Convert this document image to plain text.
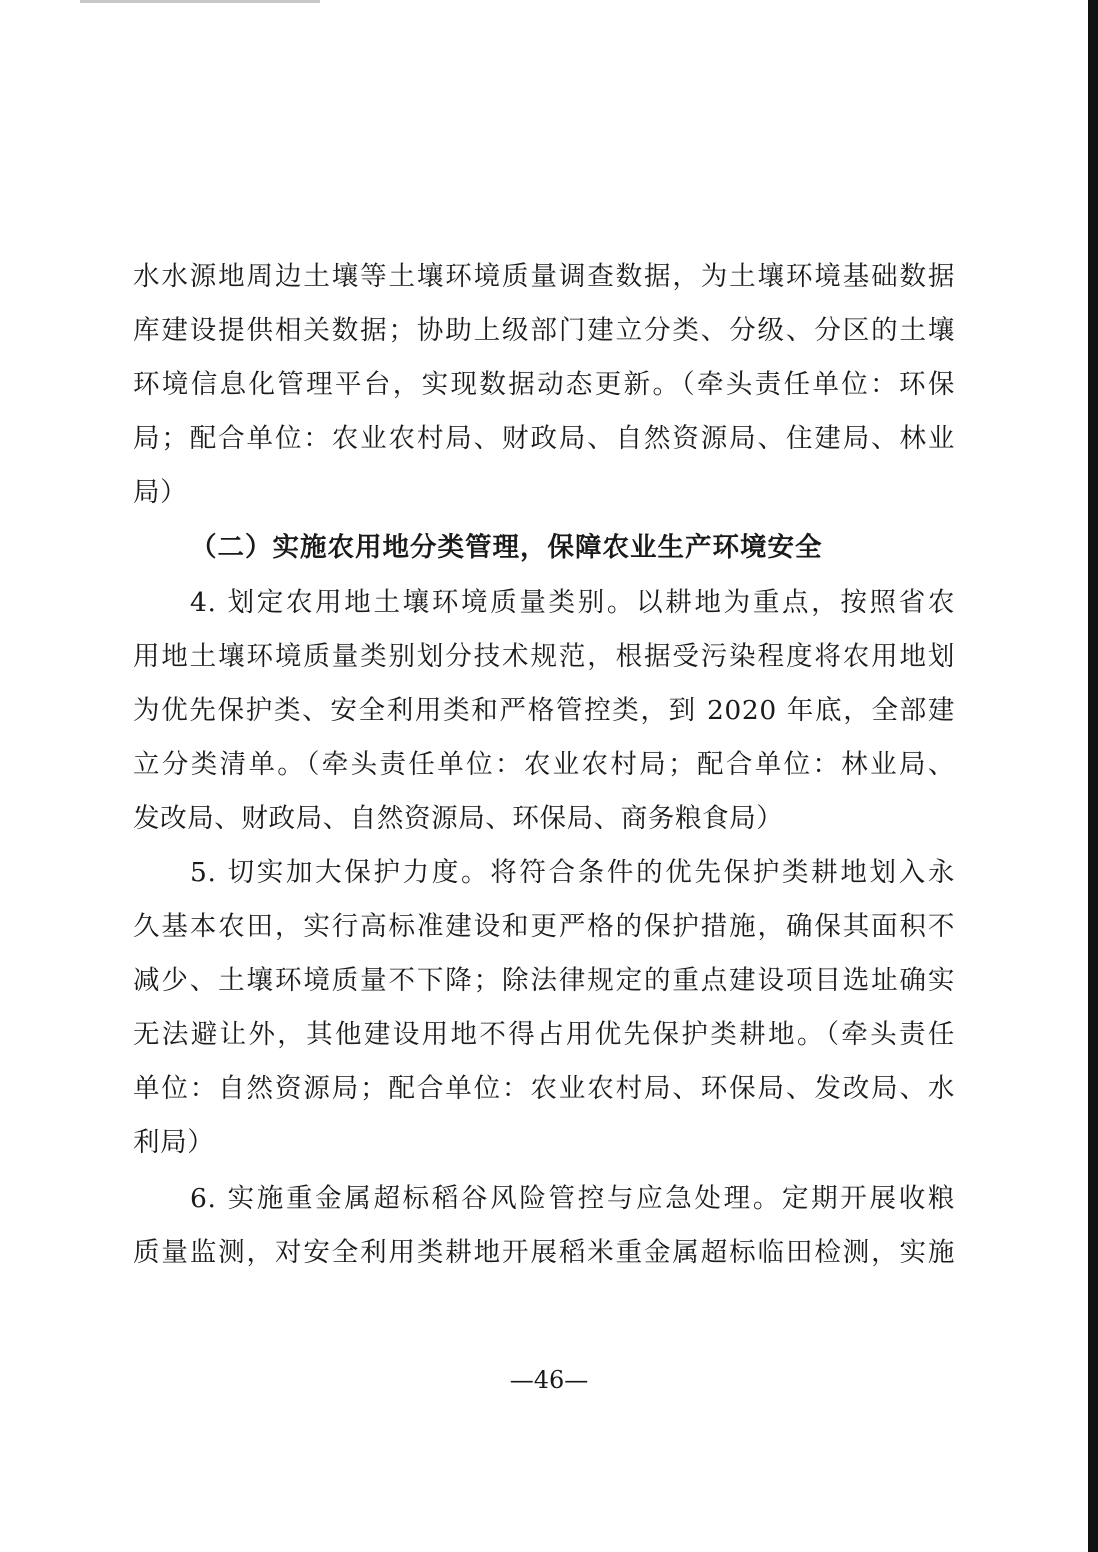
水水源地周边土壤等土壤环境质量调查数据，为土壤环境基础数据
库建设提供相关数据；协助上级部门建立分类、分级、分区的土壤
环境信息化管理平台，实现数据动态更新。（牵头责任单位：环保
局；配合单位：农业农村局、财政局、自然资源局、住建局、林业
局）
（二）实施农用地分类管理，保障农业生产环境安全
4. 划定农用地土壤环境质量类别。以耕地为重点，按照省农
用地土壤环境质量类别划分技术规范，根据受污染程度将农用地划
为优先保护类、安全利用类和严格管控类，到 2020 年底，全部建
立分类清单。（牵头责任单位：农业农村局；配合单位：林业局、
发改局、财政局、自然资源局、环保局、商务粮食局）
5. 切实加大保护力度。将符合条件的优先保护类耕地划入永
久基本农田，实行高标准建设和更严格的保护措施，确保其面积不
减少、土壤环境质量不下降；除法律规定的重点建设项目选址确实
无法避让外，其他建设用地不得占用优先保护类耕地。（牵头责任
单位：自然资源局；配合单位：农业农村局、环保局、发改局、水
利局）
6. 实施重金属超标稻谷风险管控与应急处理。定期开展收粮
质量监测，对安全利用类耕地开展稻米重金属超标临田检测，实施
—46—
